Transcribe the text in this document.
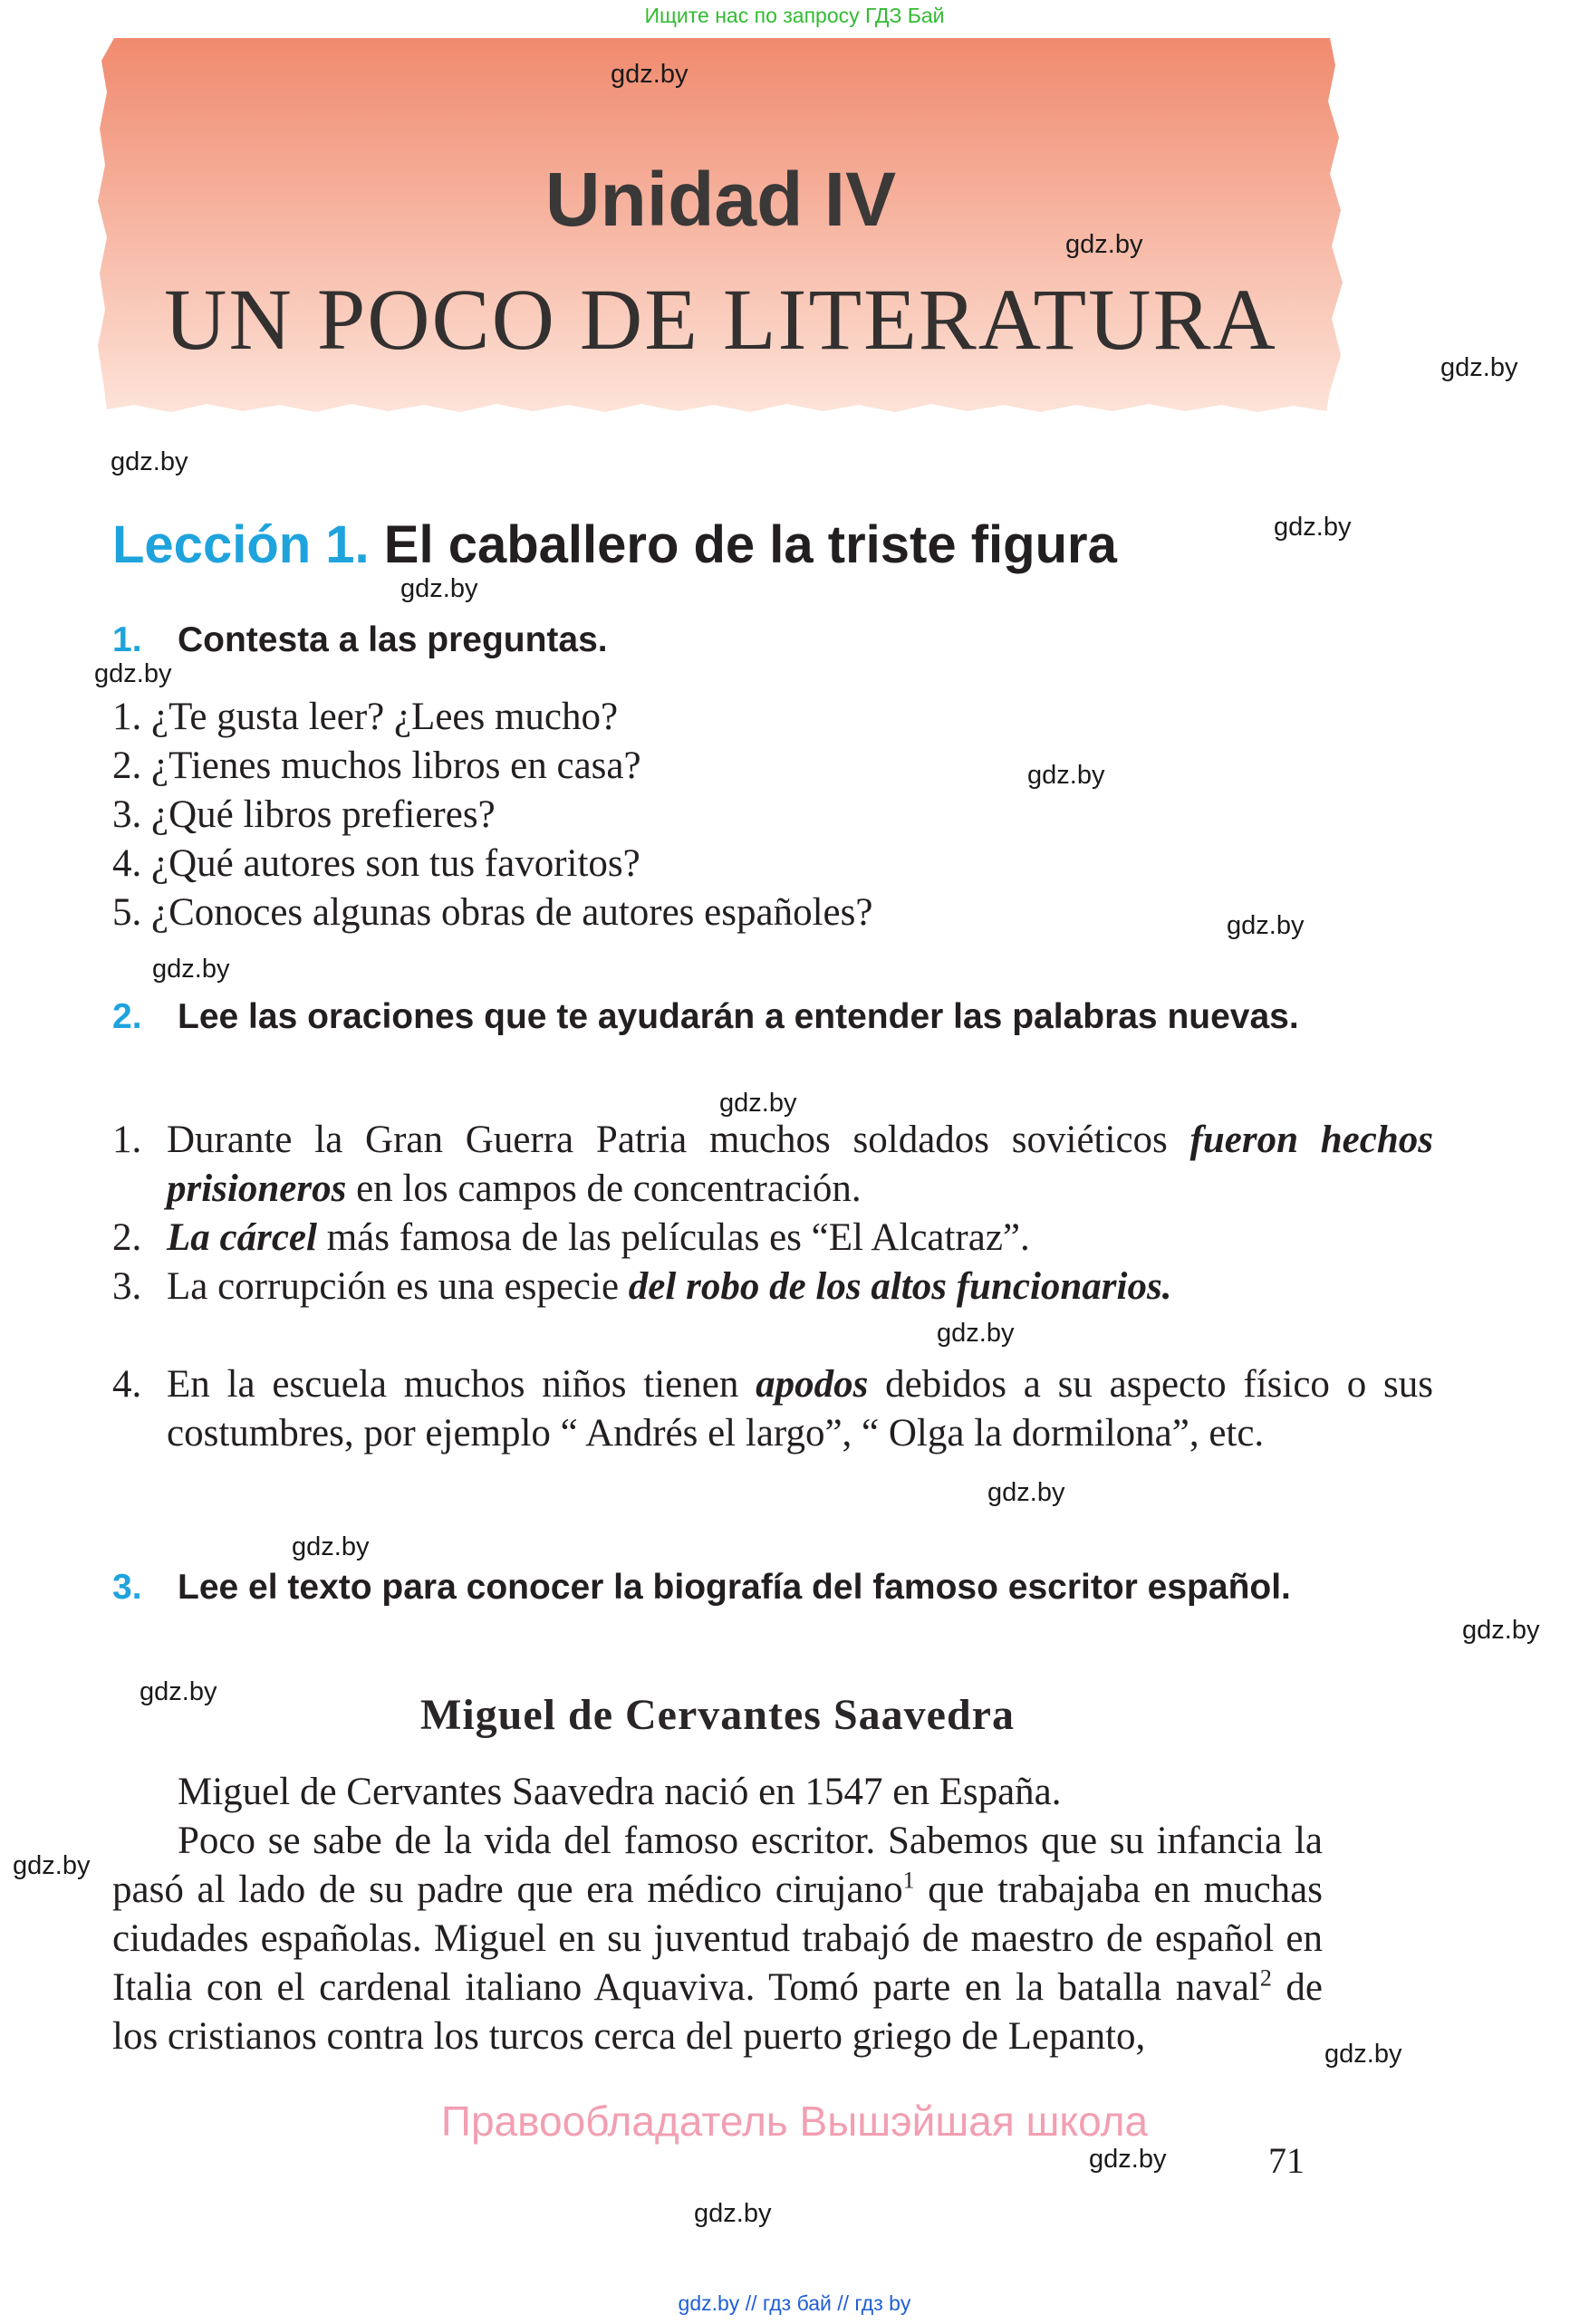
Ищите нас по запросу ГДЗ Бай
Unidad IV
UN POCO DE LITERATURA
Lección 1. El caballero de la triste figura
1. Contesta a las preguntas.
1. ¿Te gusta leer? ¿Lees mucho?
2. ¿Tienes muchos libros en casa?
3. ¿Qué libros prefieres?
4. ¿Qué autores son tus favoritos?
5. ¿Conoces algunas obras de autores españoles?
2. Lee las oraciones que te ayudarán a entender las palabras nuevas.
1. Durante la Gran Guerra Patria muchos soldados soviéticos fueron hechos prisioneros en los campos de concentración.
2. La cárcel más famosa de las películas es “El Alcatraz”.
3. La corrupción es una especie del robo de los altos funcionarios.
4. En la escuela muchos niños tienen apodos debidos a su aspecto físico o sus costumbres, por ejemplo “ Andrés el largo”, “ Olga la dormilona”, etc.
3. Lee el texto para conocer la biografía del famoso escritor español.
Miguel de Cervantes Saavedra
Miguel de Cervantes Saavedra nació en 1547 en España.
Poco se sabe de la vida del famoso escritor. Sabemos que su infancia la pasó al lado de su padre que era médico cirujano$^1$ que trabajaba en muchas ciudades españolas. Miguel en su juventud trabajó de maestro de español en Italia con el cardenal italiano Aquaviva. Tomó parte en la batalla naval$^2$ de los cristianos contra los turcos cerca del puerto griego de Lepanto,
Правообладатель Вышэйшая школа
71
gdz.by
gdz.by
gdz.by
gdz.by
gdz.by
gdz.by
gdz.by
gdz.by
gdz.by
gdz.by
gdz.by
gdz.by
gdz.by
gdz.by
gdz.by
gdz.by
gdz.by
gdz.by
gdz.by
gdz.by
gdz.by // гдз бай // гдз by
